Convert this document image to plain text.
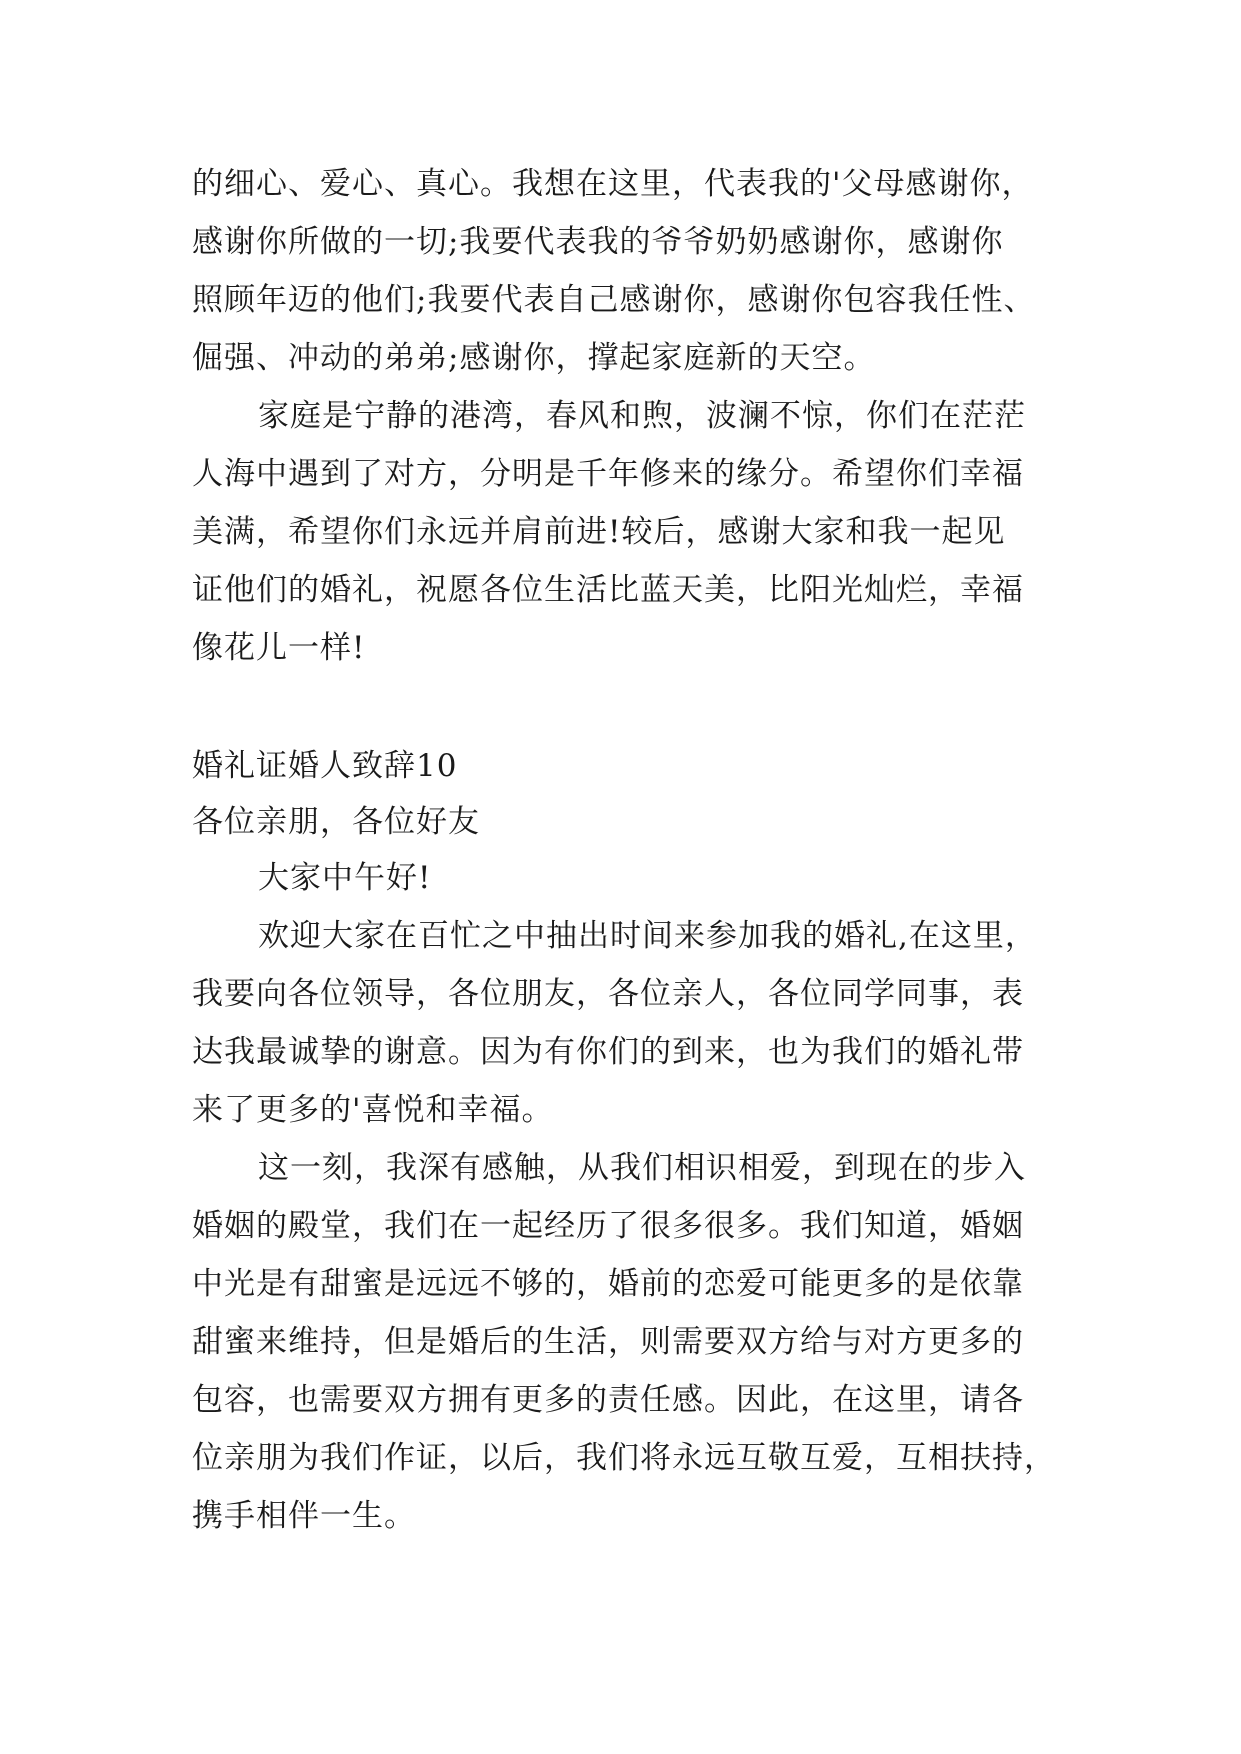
的细心、爱心、真心。我想在这里，代表我的'父母感谢你，

感谢你所做的一切;我要代表我的爷爷奶奶感谢你，感谢你

照顾年迈的他们;我要代表自己感谢你，感谢你包容我任性、

倔强、冲动的弟弟;感谢你，撑起家庭新的天空。

家庭是宁静的港湾，春风和煦，波澜不惊，你们在茫茫

人海中遇到了对方，分明是千年修来的缘分。希望你们幸福

美满，希望你们永远并肩前进!较后，感谢大家和我一起见

证他们的婚礼，祝愿各位生活比蓝天美，比阳光灿烂，幸福

像花儿一样!

婚礼证婚人致辞10

各位亲朋，各位好友

大家中午好!

欢迎大家在百忙之中抽出时间来参加我的婚礼,在这里，

我要向各位领导，各位朋友，各位亲人，各位同学同事，表

达我最诚挚的谢意。因为有你们的到来，也为我们的婚礼带

来了更多的'喜悦和幸福。

这一刻，我深有感触，从我们相识相爱，到现在的步入

婚姻的殿堂，我们在一起经历了很多很多。我们知道，婚姻

中光是有甜蜜是远远不够的，婚前的恋爱可能更多的是依靠

甜蜜来维持，但是婚后的生活，则需要双方给与对方更多的

包容，也需要双方拥有更多的责任感。因此，在这里，请各

位亲朋为我们作证，以后，我们将永远互敬互爱，互相扶持，

携手相伴一生。
